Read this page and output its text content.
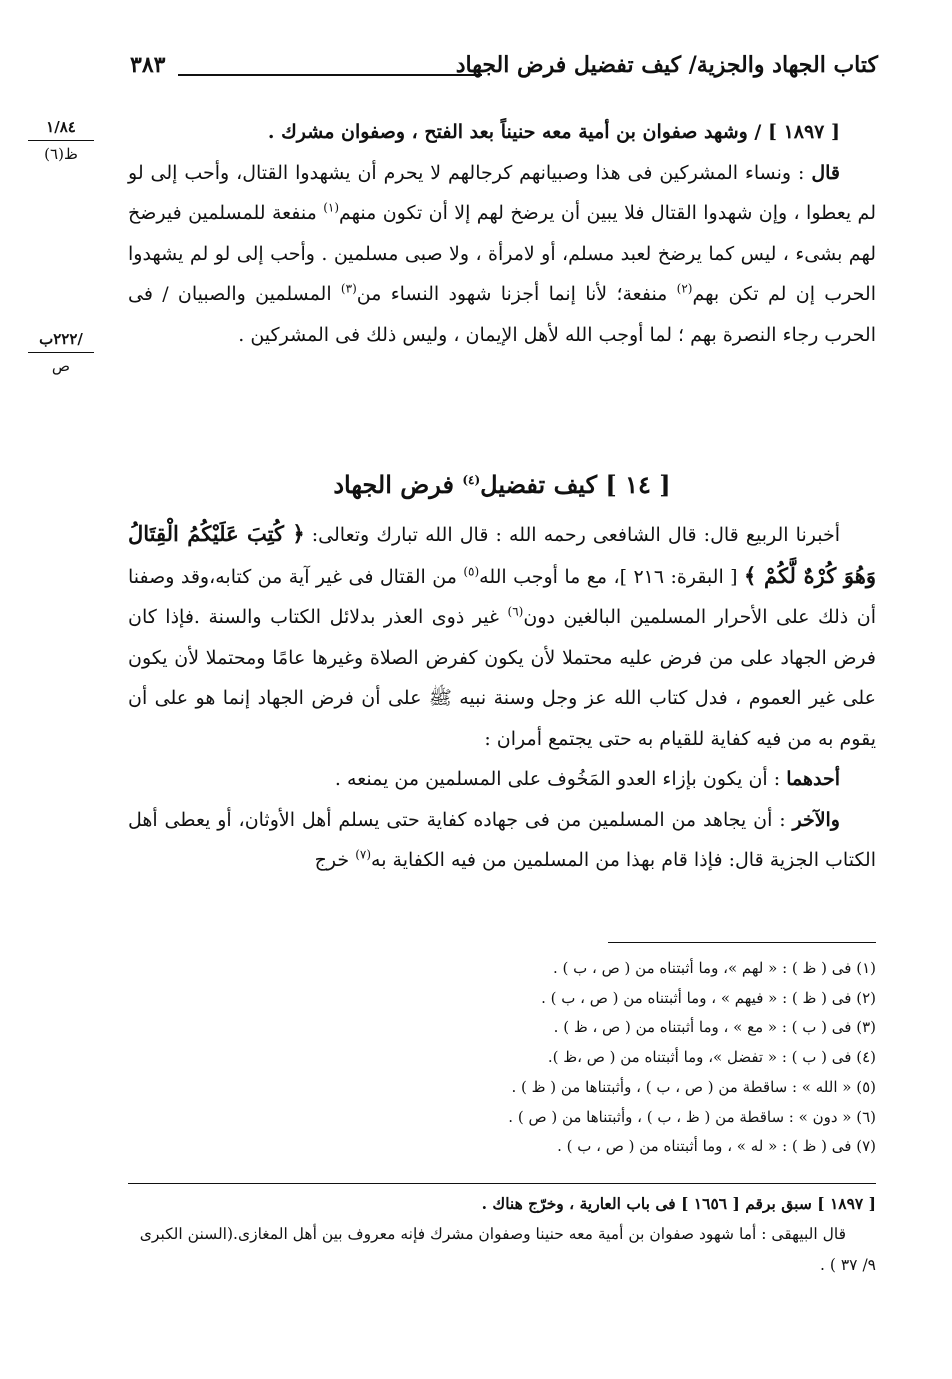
كتاب الجهاد والجزية/ كيف تفضيل فرض الجهاد
٣٨٣
١/٨٤
ظ(٦)
/٢٢٢ب
ص

[ ١٨٩٧ ] / وشهد صفوان بن أمية معه حنيناً بعد الفتح ، وصفوان مشرك .

قال : ونساء المشركين فى هذا وصبيانهم كرجالهم لا يحرم أن يشهدوا القتال، وأحب إلى لو لم يعطوا ، وإن شهدوا القتال فلا يبين أن يرضخ لهم إلا أن تكون منهم$^{(١)}$ منفعة للمسلمين فيرضخ لهم بشىء ، ليس كما يرضخ لعبد مسلم، أو لامرأة ، ولا صبى مسلمين . وأحب إلى لو لم يشهدوا الحرب إن لم تكن بهم$^{(٢)}$ منفعة؛ لأنا إنما أجزنا شهود النساء من$^{(٣)}$ المسلمين والصبيان / فى الحرب رجاء النصرة بهم ؛ لما أوجب الله لأهل الإيمان ، وليس ذلك فى المشركين .

[ ١٤ ] كيف تفضيل$^{(٤)}$ فرض الجهاد

أخبرنا الربيع قال: قال الشافعى رحمه الله : قال الله تبارك وتعالى: ﴿ كُتِبَ عَلَيْكُمُ الْقِتَالُ وَهُوَ كُرْهٌ لَّكُمْ ﴾ [ البقرة: ٢١٦ ]، مع ما أوجب الله$^{(٥)}$ من القتال فى غير آية من كتابه،وقد وصفنا أن ذلك على الأحرار المسلمين البالغين دون$^{(٦)}$ غير ذوى العذر بدلائل الكتاب والسنة .فإذا كان فرض الجهاد على من فرض عليه محتملا لأن يكون كفرض الصلاة وغيرها عامًا ومحتملا لأن يكون على غير العموم ، فدل كتاب الله عز وجل وسنة نبيه ﷺ على أن فرض الجهاد إنما هو على أن يقوم به من فيه كفاية للقيام به حتى يجتمع أمران :

أحدهما : أن يكون بإزاء العدو المَخُوف على المسلمين من يمنعه .

والآخر : أن يجاهد من المسلمين من فى جهاده كفاية حتى يسلم أهل الأوثان، أو يعطى أهل الكتاب الجزية قال: فإذا قام بهذا من المسلمين من فيه الكفاية به$^{(٧)}$ خرج

(١) فى ( ظ ) : « لهم »، وما أثبتناه من ( ص ، ب ) .
(٢) فى ( ظ ) : « فيهم » ، وما أثبتناه من ( ص ، ب ) .
(٣) فى ( ب ) : « مع » ، وما أثبتناه من ( ص ، ظ ) .
(٤) فى ( ب ) : « تفضل »، وما أثبتناه من ( ص ،ظ ).
(٥) « الله » : ساقطة من ( ص ، ب ) ، وأثبتناها من ( ظ ) .
(٦) « دون » : ساقطة من ( ظ ، ب ) ، وأثبتناها من ( ص ) .
(٧) فى ( ظ ) : « له » ، وما أثبتناه من ( ص ، ب ) .
[ ١٨٩٧ ] سبق برقم [ ١٦٥٦ ] فى باب العارية ، وخرّج هناك .
قال البيهقى : أما شهود صفوان بن أمية معه حنينا وصفوان مشرك فإنه معروف بين أهل المغازى.(السنن الكبرى ٩/ ٣٧ ) .
